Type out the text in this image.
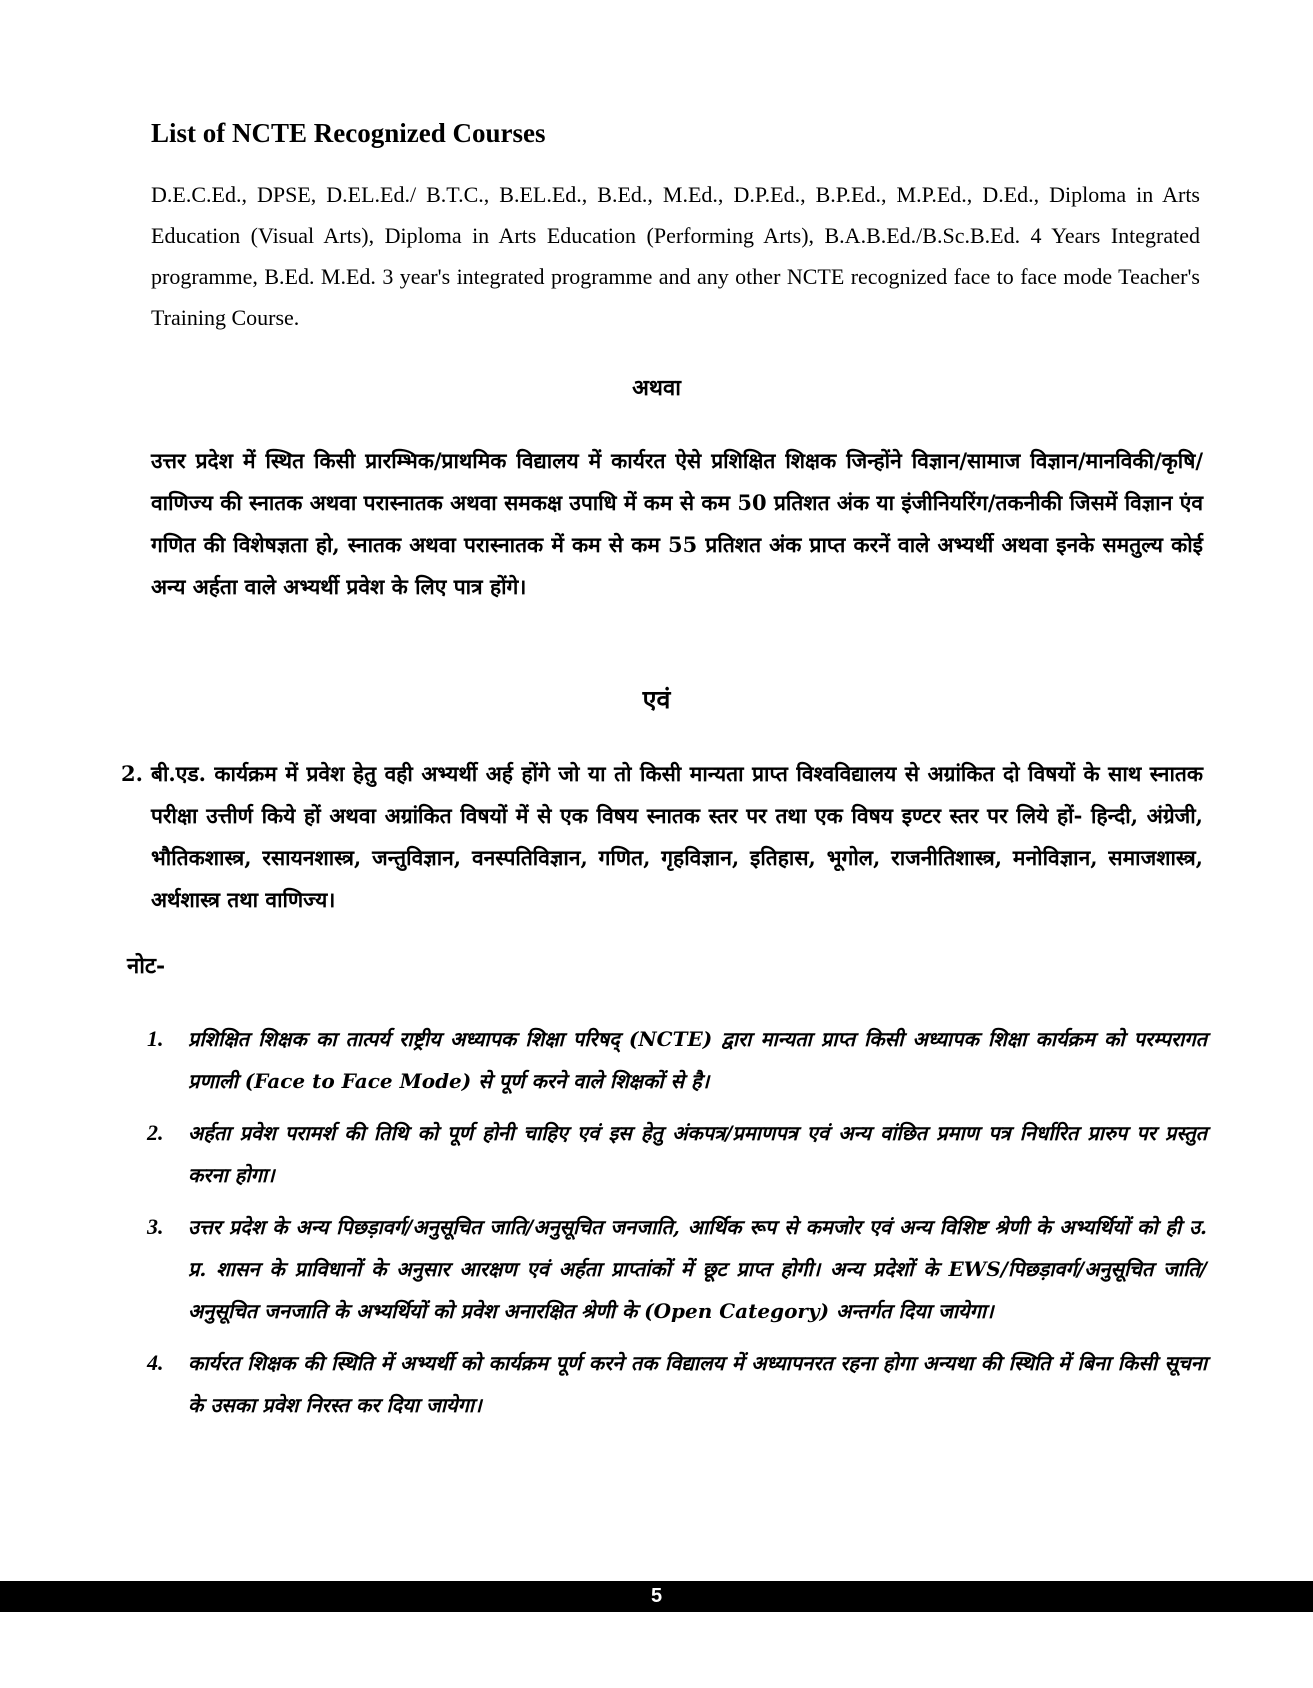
List of NCTE Recognized Courses
D.E.C.Ed., DPSE, D.EL.Ed./ B.T.C., B.EL.Ed., B.Ed., M.Ed., D.P.Ed., B.P.Ed., M.P.Ed., D.Ed., Diploma in Arts Education (Visual Arts), Diploma in Arts Education (Performing Arts), B.A.B.Ed./B.Sc.B.Ed. 4 Years Integrated programme, B.Ed. M.Ed. 3 year's integrated programme and any other NCTE recognized face to face mode Teacher's Training Course.
अथवा
उत्तर प्रदेश में स्थित किसी प्रारम्भिक/प्राथमिक विद्यालय में कार्यरत ऐसे प्रशिक्षित शिक्षक जिन्होंने विज्ञान/सामाज विज्ञान/मानविकी/कृषि/वाणिज्य की स्नातक अथवा परास्नातक अथवा समकक्ष उपाधि में कम से कम 50 प्रतिशत अंक या इंजीनियरिंग/तकनीकी जिसमें विज्ञान एंव गणित की विशेषज्ञता हो, स्नातक अथवा परास्नातक में कम से कम 55 प्रतिशत अंक प्राप्त करनें वाले अभ्यर्थी अथवा इनके समतुल्य कोई अन्य अर्हता वाले अभ्यर्थी प्रवेश के लिए पात्र होंगे।
एवं
2. बी.एड. कार्यक्रम में प्रवेश हेतु वही अभ्यर्थी अर्ह होंगे जो या तो किसी मान्यता प्राप्त विश्वविद्यालय से अग्रांकित दो विषयों के साथ स्नातक परीक्षा उत्तीर्ण किये हों अथवा अग्रांकित विषयों में से एक विषय स्नातक स्तर पर तथा एक विषय इण्टर स्तर पर लिये हों- हिन्दी, अंग्रेजी, भौतिकशास्त्र, रसायनशास्त्र, जन्तुविज्ञान, वनस्पतिविज्ञान, गणित, गृहविज्ञान, इतिहास, भूगोल, राजनीतिशास्त्र, मनोविज्ञान, समाजशास्त्र, अर्थशास्त्र तथा वाणिज्य।
नोट-
1.	प्रशिक्षित शिक्षक का तात्पर्य राष्ट्रीय अध्यापक शिक्षा परिषद् (NCTE) द्वारा मान्यता प्राप्त किसी अध्यापक शिक्षा कार्यक्रम को परम्परागत प्रणाली (Face to Face Mode) से पूर्ण करने वाले शिक्षकों से है।
2.	अर्हता प्रवेश परामर्श की तिथि को पूर्ण होनी चाहिए एवं इस हेतु अंकपत्र/प्रमाणपत्र एवं अन्य वांछित प्रमाण पत्र निर्धारित प्रारुप पर प्रस्तुत करना होगा।
3.	उत्तर प्रदेश के अन्य पिछड़ावर्ग/अनुसूचित जाति/अनुसूचित जनजाति, आर्थिक रूप से कमजोर एवं अन्य विशिष्ट श्रेणी के अभ्यर्थियों को ही उ. प्र. शासन के प्राविधानों के अनुसार आरक्षण एवं अर्हता प्राप्तांकों में छूट प्राप्त होगी। अन्य प्रदेशों के EWS/पिछड़ावर्ग/अनुसूचित जाति/अनुसूचित जनजाति के अभ्यर्थियों को प्रवेश अनारक्षित श्रेणी के (Open Category) अन्तर्गत दिया जायेगा।
4.	कार्यरत शिक्षक की स्थिति में अभ्यर्थी को कार्यक्रम पूर्ण करने तक विद्यालय में अध्यापनरत रहना होगा अन्यथा की स्थिति में बिना किसी सूचना के उसका प्रवेश निरस्त कर दिया जायेगा।
5
